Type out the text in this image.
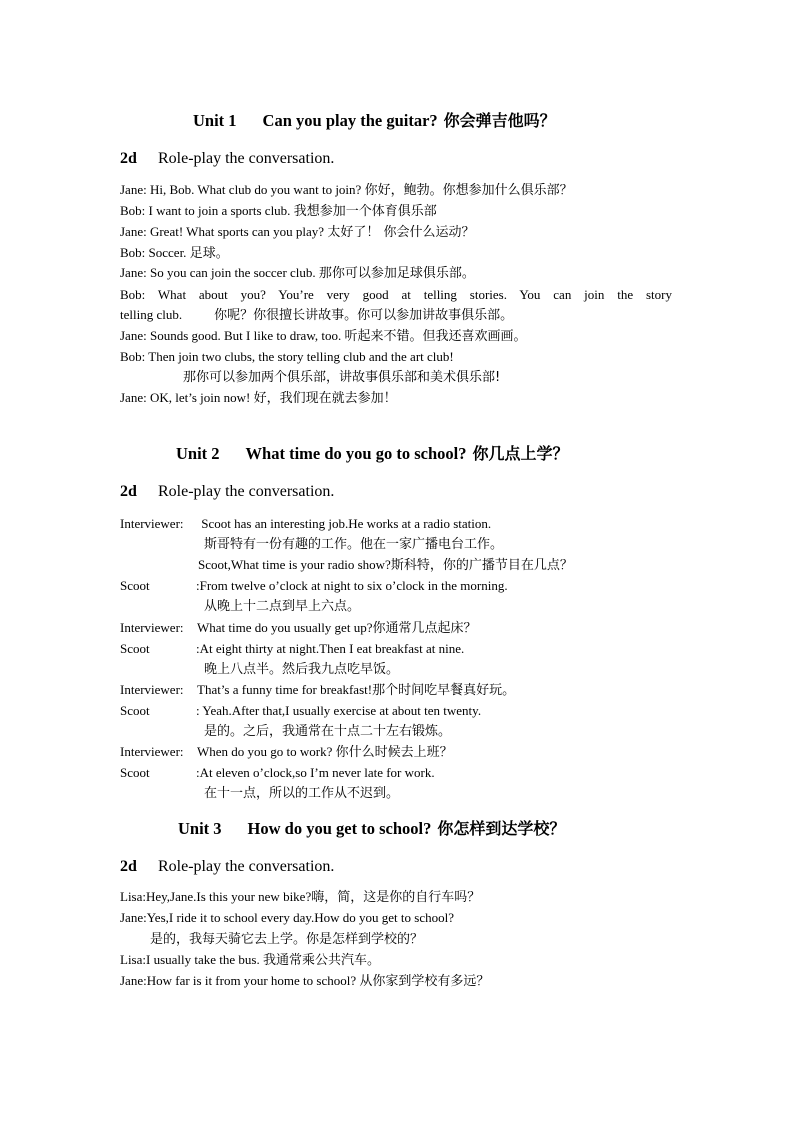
Unit 1 Can you play the guitar? 你会弹吉他吗？
2d Role-play the conversation.
Jane: Hi, Bob. What club do you want to join? 你好，鲍勃。你想参加什么俱乐部？
Bob: I want to join a sports club. 我想参加一个体育俱乐部
Jane: Great! What sports can you play? 太好了！ 你会什么运动？
Bob: Soccer. 足球。
Jane: So you can join the soccer club. 那你可以参加足球俱乐部。
Bob: What about you? You’re very good at telling stories. You can join the story
telling club. 你呢？你很擅长讲故事。你可以参加讲故事俱乐部。
Jane: Sounds good. But I like to draw, too. 听起来不错。但我还喜欢画画。
Bob: Then join two clubs, the story telling club and the art club!
那你可以参加两个俱乐部，讲故事俱乐部和美术俱乐部!
Jane: OK, let’s join now! 好，我们现在就去参加！
Unit 2 What time do you go to school? 你几点上学？
2d Role-play the conversation.
Interviewer: Scoot has an interesting job.He works at a radio station.
斯哥特有一份有趣的工作。他在一家广播电台工作。
Scoot,What time is your radio show?斯科特，你的广播节目在几点？
Scoot	:From twelve o’clock at night to six o’clock in the morning.
从晚上十二点到早上六点。
Interviewer: What time do you usually get up?你通常几点起床？
Scoot	:At eight thirty at night.Then I eat breakfast at nine.
晚上八点半。然后我九点吃早饭。
Interviewer: That’s a funny time for breakfast!那个时间吃早餐真好玩。
Scoot	: Yeah.After that,I usually exercise at about ten twenty.
是的。之后，我通常在十点二十左右锻炼。
Interviewer: When do you go to work? 你什么时候去上班？
Scoot	:At eleven o’clock,so I’m never late for work.
在十一点，所以的工作从不迟到。
Unit 3 How do you get to school? 你怎样到达学校？
2d Role-play the conversation.
Lisa:Hey,Jane.Is this your new bike?嗨，简，这是你的自行车吗？
Jane:Yes,I ride it to school every day.How do you get to school?
是的，我每天骑它去上学。你是怎样到学校的？
Lisa:I usually take the bus. 我通常乘公共汽车。
Jane:How far is it from your home to school? 从你家到学校有多远？
